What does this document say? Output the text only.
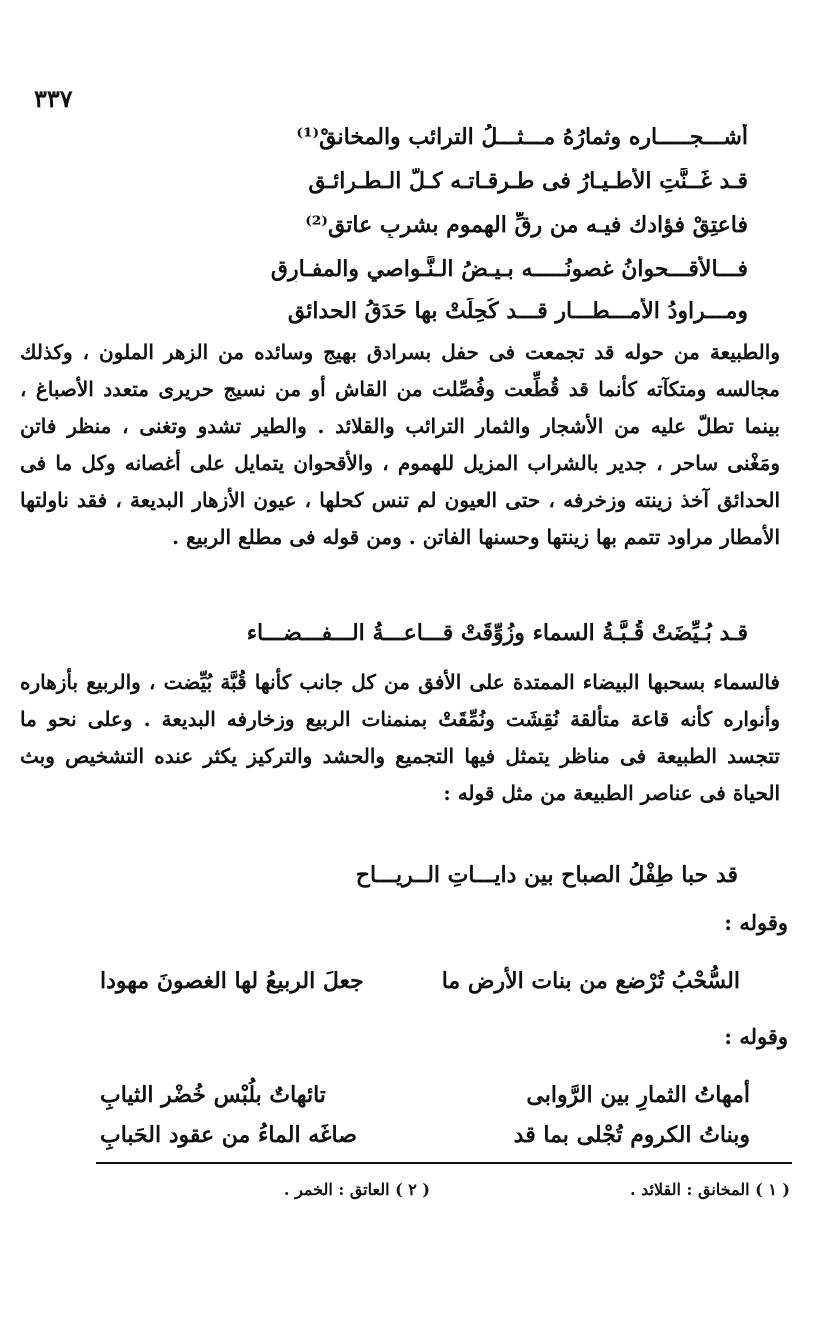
٣٣٧
أشـــجـــــاره وثمارُهُ مـــثـــلُ الترائب والمخانقْ⁽¹⁾
قـد غَــنَّتِ الأطـيـارُ فى طـرقـاتـه كـلَّ الـطـرائـق
فاعتِقْ فؤادك فيـه من رِقِّ الهموم بشربِ عاتق⁽²⁾
فـــالأقـــحوانُ غصونُـــــه بـيـضُ الـنَّـواصي والمفـارِق
ومـــراودُ الأمـــطـــار قـــد كُحِلَتْ بها حَدَقُ الحدائق

والطبيعة من حوله قد تجمعت فى حفل بسرادق بهيج وسائده من الزهر الملون ، وكذلك مجالسه ومتكآته كأنما قد قُطِّعت وفُصِّلت من القاش أو من نسيج حريرى متعدد الأصباغ ، بينما تطلّ عليه من الأشجار والثمار الترائب والقلائد . والطير تشدو وتغنى ، منظر فاتن ومَغْنى ساحر ، جدير بالشراب المزيل للهموم ، والأقحوان يتمايل على أغصانه وكل ما فى الحدائق آخذ زينته وزخرفه ، حتى العيون لم تنس كحلها ، عيون الأزهار البديعة ، فقد ناولتها الأمطار مراود تتمم بها زينتها وحسنها الفاتن . ومن قوله فى مطلع الربيع .

قـد بُـيِّضَتْ قُـبَّـةُ السماء وزُوِّقَتْ قـــاعـــةُ الـــفـــضـــاء

فالسماء بسحبها البيضاء الممتدة على الأفق من كل جانب كأنها قُبَّة بُيِّضت ، والربيع بأزهاره وأنواره كأنه قاعة متألقة نُقِشَت ونُمِّقَتْ بمنمنات الربيع وزخارفه البديعة . وعلى نحو ما تتجسد الطبيعة فى مناظر يتمثل فيها التجميع والحشد والتركيز يكثر عنده التشخيص وبث الحياة فى عناصر الطبيعة من مثل قوله :

قد حبا طِفْلُ الصباحِ بين دايـــاتِ الــريـــاحِ
وقوله :
السُّحْبُ تُرْضع من بنات الأرض ما
جعلَ الربيعُ لها الغصونَ مهودا
وقوله :
أمهاتُ الثمارِ بين الرَّوابى
تائهاتٌ بلُبْس خُضْر الثيابِ
وبناتُ الكروم تُجْلى بما قد
صاغَه الماءُ من عقود الحَبابِ
( ١ ) المخانق : القلائد .
( ٢ ) العاتق : الخمر .
